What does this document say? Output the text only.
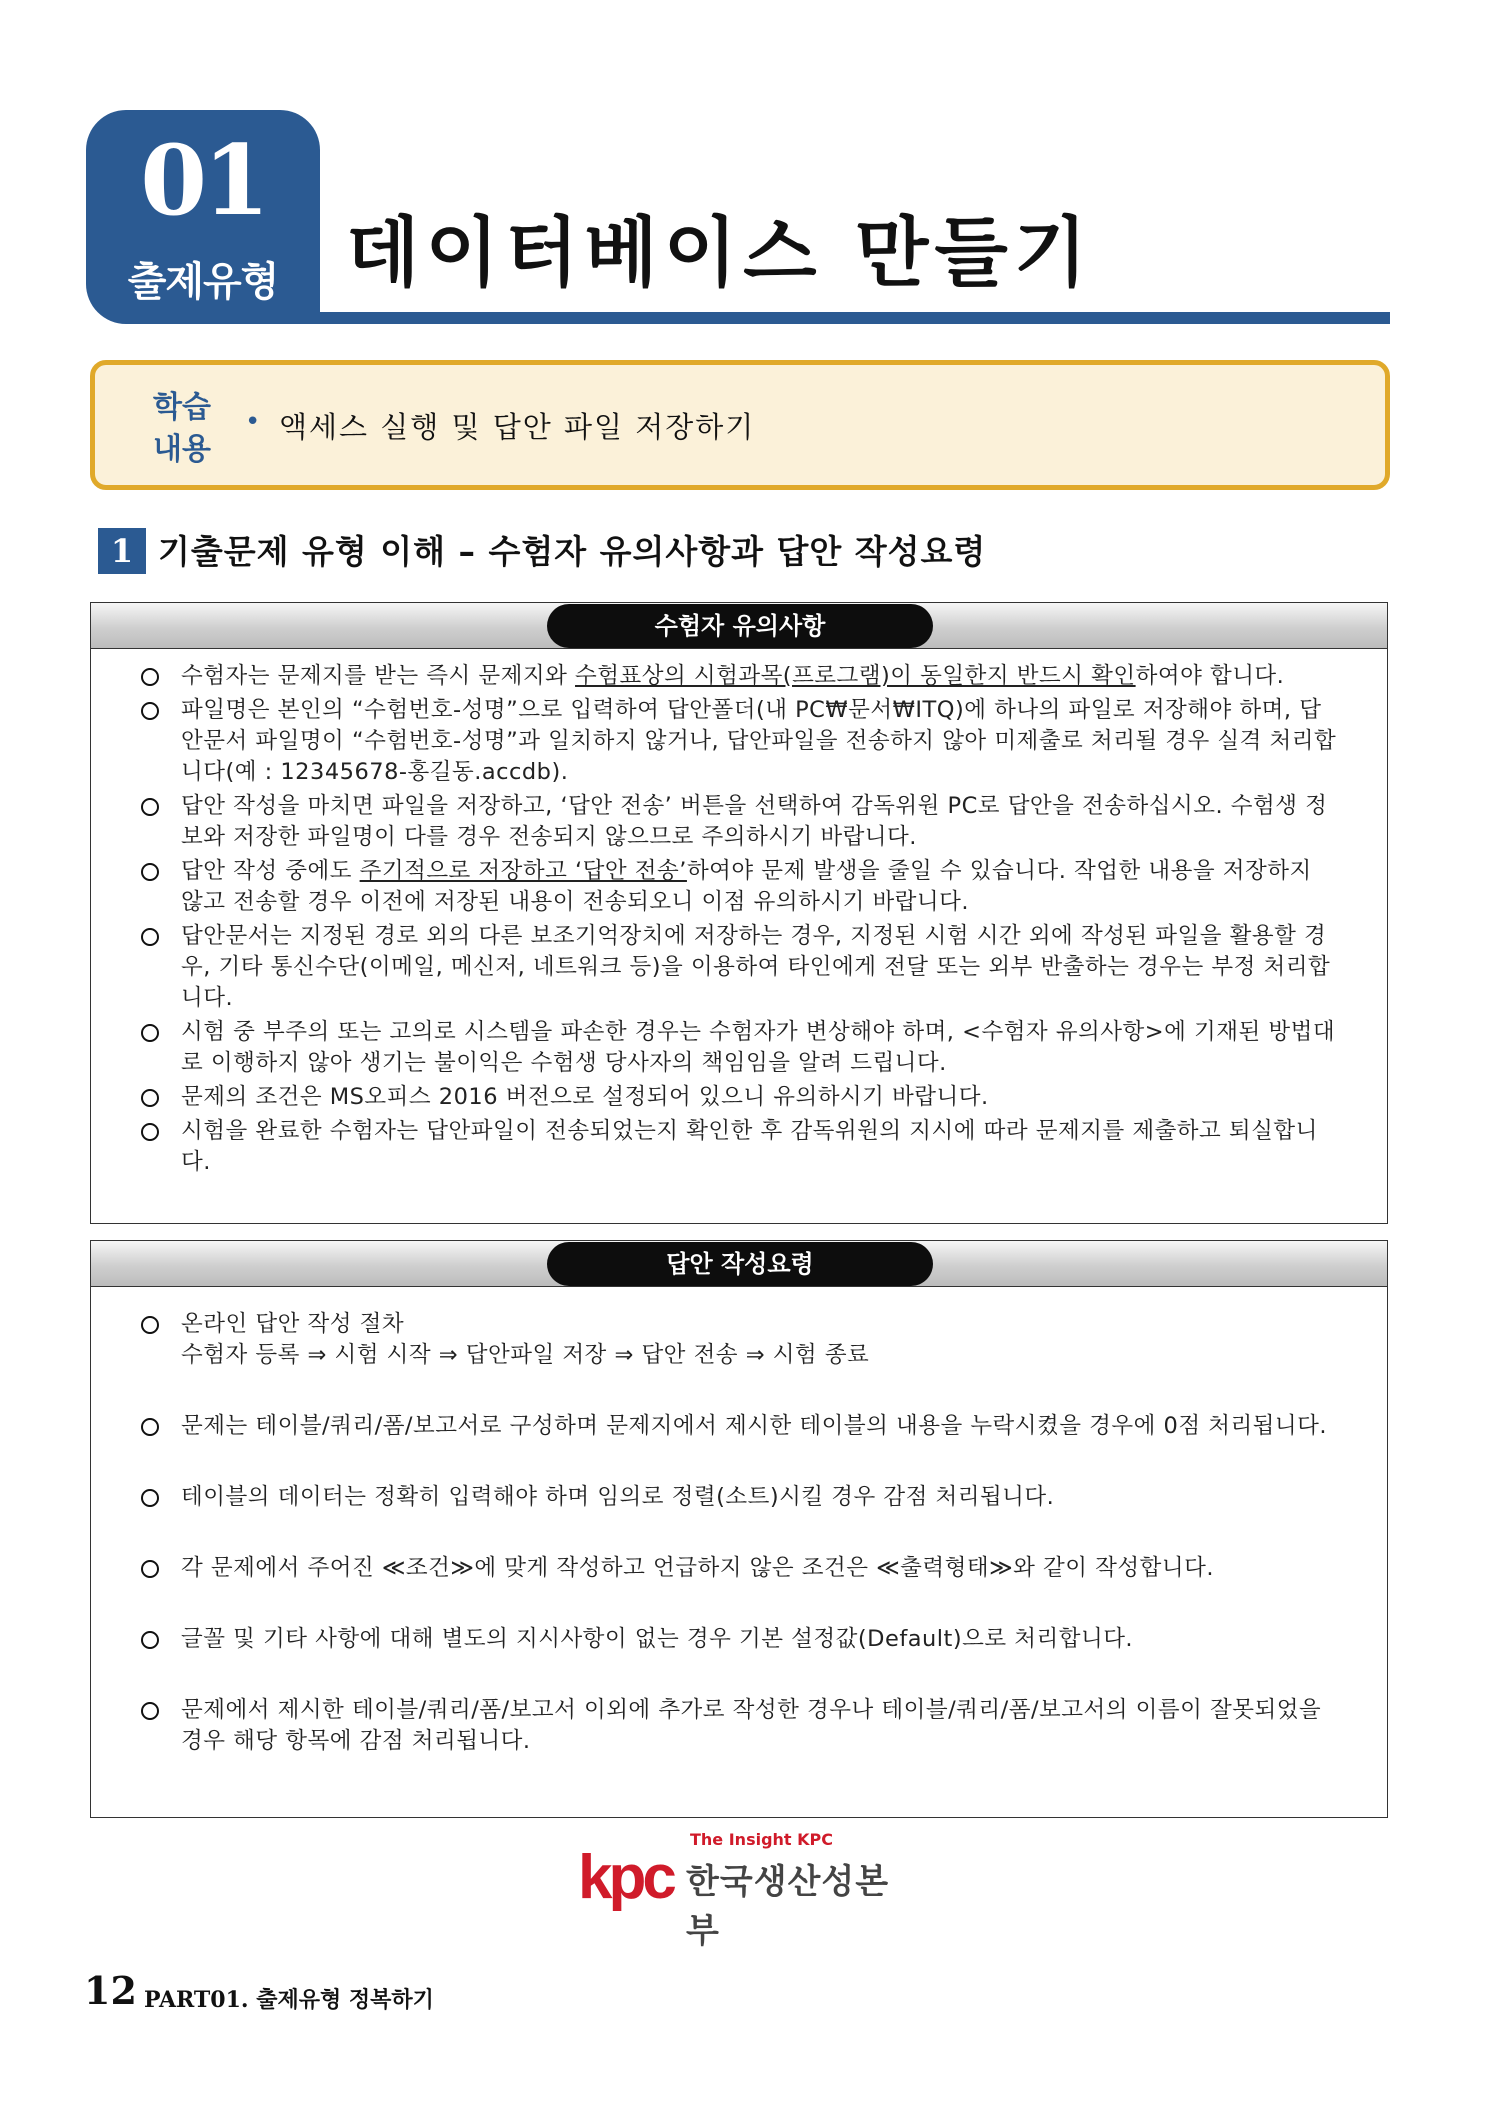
01
출제유형 데이터베이스 만들기
학습
내용
• 액세스 실행 및 답안 파일 저장하기
1 기출문제 유형 이해 – 수험자 유의사항과 답안 작성요령
수험자 유의사항
수험자는 문제지를 받는 즉시 문제지와 수험표상의 시험과목(프로그램)이 동일한지 반드시 확인하여야 합니다.
파일명은 본인의 “수험번호-성명”으로 입력하여 답안폴더(내 PC₩문서₩ITQ)에 하나의 파일로 저장해야 하며, 답안문서 파일명이 “수험번호-성명”과 일치하지 않거나, 답안파일을 전송하지 않아 미제출로 처리될 경우 실격 처리합니다(예 : 12345678-홍길동.accdb).
답안 작성을 마치면 파일을 저장하고, ‘답안 전송’ 버튼을 선택하여 감독위원 PC로 답안을 전송하십시오. 수험생 정보와 저장한 파일명이 다를 경우 전송되지 않으므로 주의하시기 바랍니다.
답안 작성 중에도 주기적으로 저장하고 ‘답안 전송’하여야 문제 발생을 줄일 수 있습니다. 작업한 내용을 저장하지 않고 전송할 경우 이전에 저장된 내용이 전송되오니 이점 유의하시기 바랍니다.
답안문서는 지정된 경로 외의 다른 보조기억장치에 저장하는 경우, 지정된 시험 시간 외에 작성된 파일을 활용할 경우, 기타 통신수단(이메일, 메신저, 네트워크 등)을 이용하여 타인에게 전달 또는 외부 반출하는 경우는 부정 처리합니다.
시험 중 부주의 또는 고의로 시스템을 파손한 경우는 수험자가 변상해야 하며, <수험자 유의사항>에 기재된 방법대로 이행하지 않아 생기는 불이익은 수험생 당사자의 책임임을 알려 드립니다.
문제의 조건은 MS오피스 2016 버전으로 설정되어 있으니 유의하시기 바랍니다.
시험을 완료한 수험자는 답안파일이 전송되었는지 확인한 후 감독위원의 지시에 따라 문제지를 제출하고 퇴실합니다.
답안 작성요령
온라인 답안 작성 절차
수험자 등록 ⇒ 시험 시작 ⇒ 답안파일 저장 ⇒ 답안 전송 ⇒ 시험 종료
문제는 테이블/쿼리/폼/보고서로 구성하며 문제지에서 제시한 테이블의 내용을 누락시켰을 경우에 0점 처리됩니다.
테이블의 데이터는 정확히 입력해야 하며 임의로 정렬(소트)시킬 경우 감점 처리됩니다.
각 문제에서 주어진 ≪조건≫에 맞게 작성하고 언급하지 않은 조건은 ≪출력형태≫와 같이 작성합니다.
글꼴 및 기타 사항에 대해 별도의 지시사항이 없는 경우 기본 설정값(Default)으로 처리합니다.
문제에서 제시한 테이블/쿼리/폼/보고서 이외에 추가로 작성한 경우나 테이블/쿼리/폼/보고서의 이름이 잘못되었을 경우 해당 항목에 감점 처리됩니다.
The Insight KPC
kpc 한국생산성본부
12 PART01. 출제유형 정복하기
